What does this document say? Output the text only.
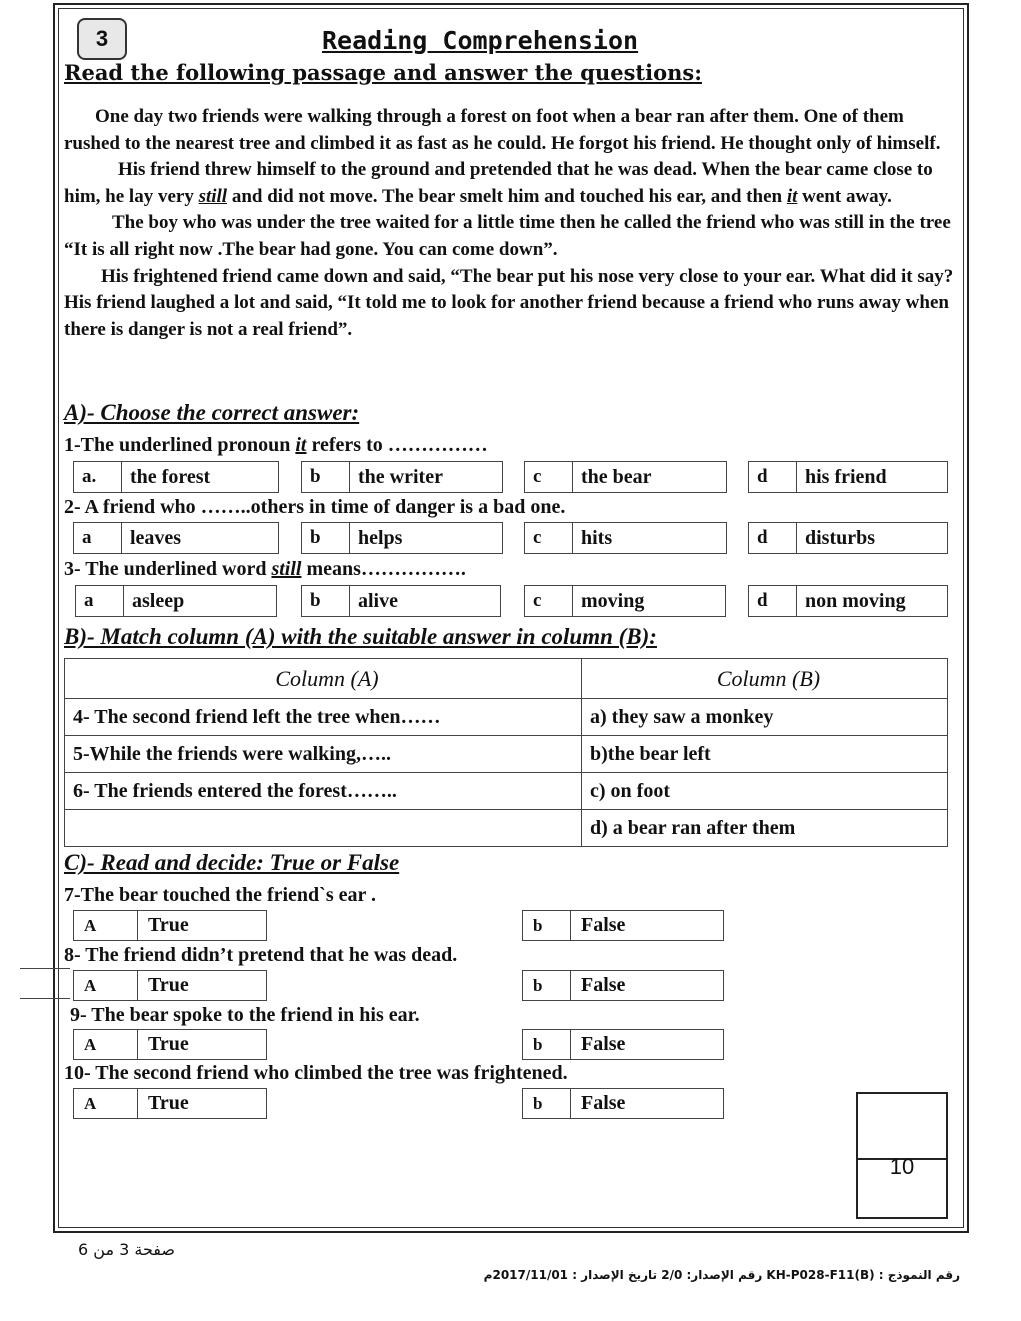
3	Reading Comprehension
Read the following passage and answer the questions:

One day two friends were walking through a forest on foot when a bear ran after them. One of them rushed to the nearest tree and climbed it as fast as he could. He forgot his friend. He thought only of himself.

His friend threw himself to the ground and pretended that he was dead. When the bear came close to him, he lay very still and did not move. The bear smelt him and touched his ear, and then it went away.

The boy who was under the tree waited for a little time then he called the friend who was still in the tree “It is all right now .The bear had gone. You can come down”.

His frightened friend came down and said, “The bear put his nose very close to your ear. What did it say? His friend laughed a lot and said, “It told me to look for another friend because a friend who runs away when there is danger is not a real friend”.

A)- Choose the correct answer:
1-The underlined pronoun it refers to ……………
a.	the forest	b	the writer	c	the bear	d	his friend
2- A friend who ……..others in time of danger is a bad one.
a	leaves	b	helps	c	hits	d	disturbs
3- The underlined word still means…………….
a	asleep	b	alive	c	moving	d	non moving
B)- Match column (A) with the suitable answer in column (B):
Column (A)	Column (B)
4- The second friend left the tree when……	a) they saw a monkey
5-While the friends were walking,…..	b)the bear left
6- The friends entered the forest……..	c) on foot
	d) a bear ran after them
C)- Read and decide: True or False
7-The bear touched the friend`s ear .
A	True	b	False
8- The friend didn’t pretend that he was dead.
A	True	b	False
9- The bear spoke to the friend in his ear.
A	True	b	False
10- The second friend who climbed the tree was frightened.
A	True	b	False
10
صفحة 3 من 6
رقم النموذج : (KH-P028-F11(B رقم الإصدار: 2/0 تاريخ الإصدار : 2017/11/01م
